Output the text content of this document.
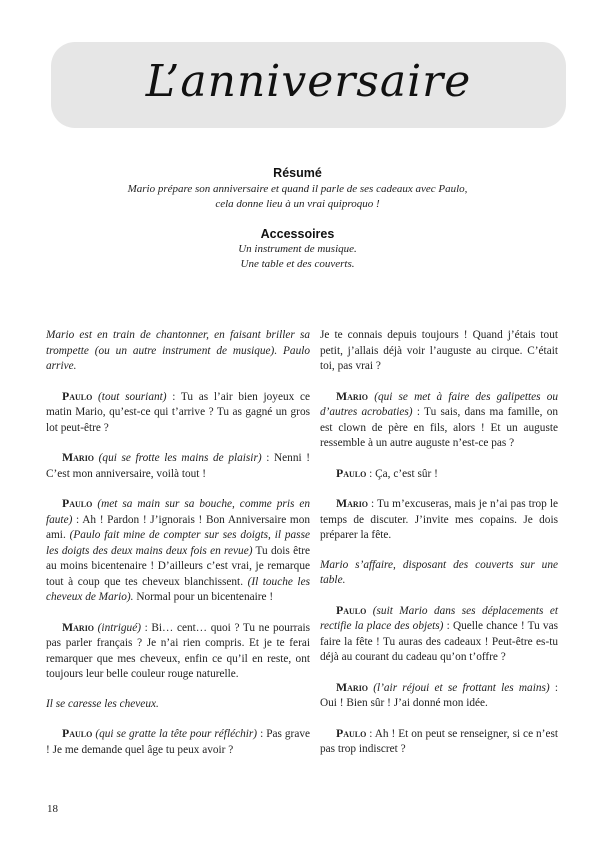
L’anniversaire
Résumé
Mario prépare son anniversaire et quand il parle de ses cadeaux avec Paulo,
cela donne lieu à un vrai quiproquo !
Accessoires
Un instrument de musique.
Une table et des couverts.

Mario est en train de chantonner, en faisant briller sa trompette (ou un autre instrument de musique). Paulo arrive.

Paulo (tout souriant) : Tu as l’air bien joyeux ce matin Mario, qu’est-ce qui t’arrive ? Tu as gagné un gros lot peut-être ?

Mario (qui se frotte les mains de plaisir) : Nenni ! C’est mon anniversaire, voilà tout !

Paulo (met sa main sur sa bouche, comme pris en faute) : Ah ! Pardon ! J’ignorais ! Bon Anniversaire mon ami. (Paulo fait mine de compter sur ses doigts, il passe les doigts des deux mains deux fois en revue) Tu dois être au moins bicentenaire ! D’ailleurs c’est vrai, je remarque tout à coup que tes cheveux blanchissent. (Il touche les cheveux de Mario). Normal pour un bicentenaire !

Mario (intrigué) : Bi… cent… quoi ? Tu ne pourrais pas parler français ? Je n’ai rien compris. Et je te ferai remarquer que mes cheveux, enfin ce qu’il en reste, ont toujours leur belle couleur rouge naturelle.

Il se caresse les cheveux.

Paulo (qui se gratte la tête pour réfléchir) : Pas grave ! Je me demande quel âge tu peux avoir ?

Je te connais depuis toujours ! Quand j’étais tout petit, j’allais déjà voir l’auguste au cirque. C’était toi, pas vrai ?

Mario (qui se met à faire des galipettes ou d’autres acrobaties) : Tu sais, dans ma famille, on est clown de père en fils, alors ! Et un auguste ressemble à un autre auguste n’est-ce pas ?

Paulo : Ça, c’est sûr !

Mario : Tu m’excuseras, mais je n’ai pas trop le temps de discuter. J’invite mes copains. Je dois préparer la fête.

Mario s’affaire, disposant des couverts sur une table.

Paulo (suit Mario dans ses déplacements et rectifie la place des objets) : Quelle chance ! Tu vas faire la fête ! Tu auras des cadeaux ! Peut-être es-tu déjà au courant du cadeau qu’on t’offre ?

Mario (l’air réjoui et se frottant les mains) : Oui ! Bien sûr ! J’ai donné mon idée.

Paulo : Ah ! Et on peut se renseigner, si ce n’est pas trop indiscret ?

18
